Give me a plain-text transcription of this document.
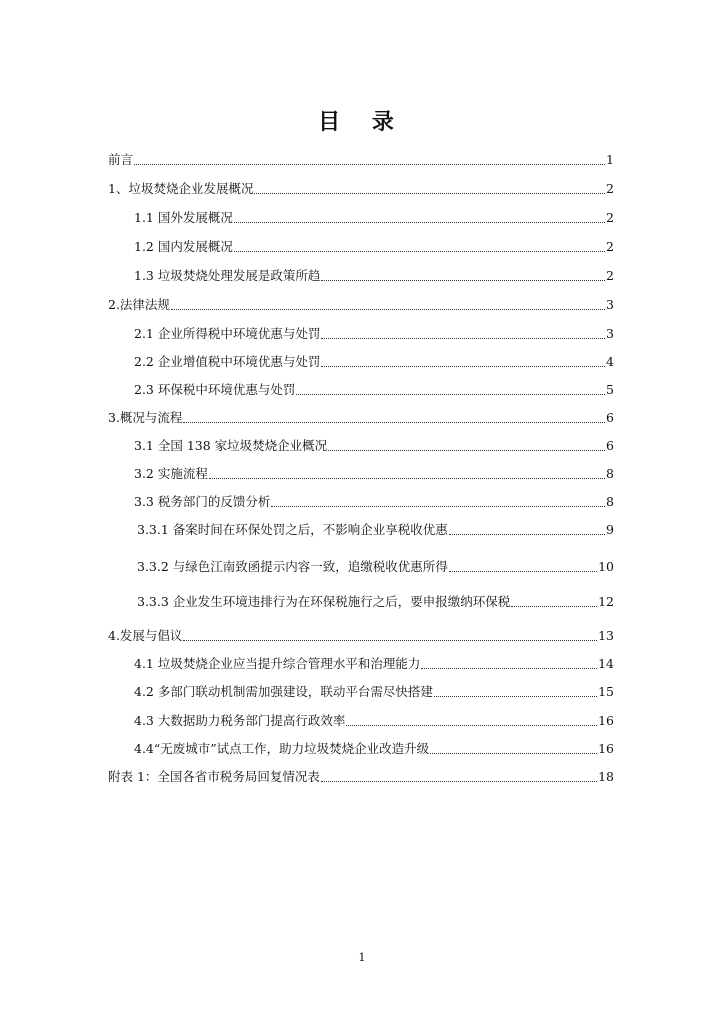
目 录
前言	1
1、垃圾焚烧企业发展概况	2
1.1 国外发展概况	2
1.2 国内发展概况	2
1.3 垃圾焚烧处理发展是政策所趋	2
2.法律法规	3
2.1 企业所得税中环境优惠与处罚	3
2.2 企业增值税中环境优惠与处罚	4
2.3 环保税中环境优惠与处罚	5
3.概况与流程	6
3.1 全国 138 家垃圾焚烧企业概况	6
3.2 实施流程	8
3.3 税务部门的反馈分析	8
3.3.1 备案时间在环保处罚之后，不影响企业享税收优惠	9
3.3.2 与绿色江南致函提示内容一致，追缴税收优惠所得	10
3.3.3 企业发生环境违排行为在环保税施行之后，要申报缴纳环保税	12
4.发展与倡议	13
4.1 垃圾焚烧企业应当提升综合管理水平和治理能力	14
4.2 多部门联动机制需加强建设，联动平台需尽快搭建	15
4.3 大数据助力税务部门提高行政效率	16
4.4“无废城市”试点工作，助力垃圾焚烧企业改造升级	16
附表 1：全国各省市税务局回复情况表	18
1
